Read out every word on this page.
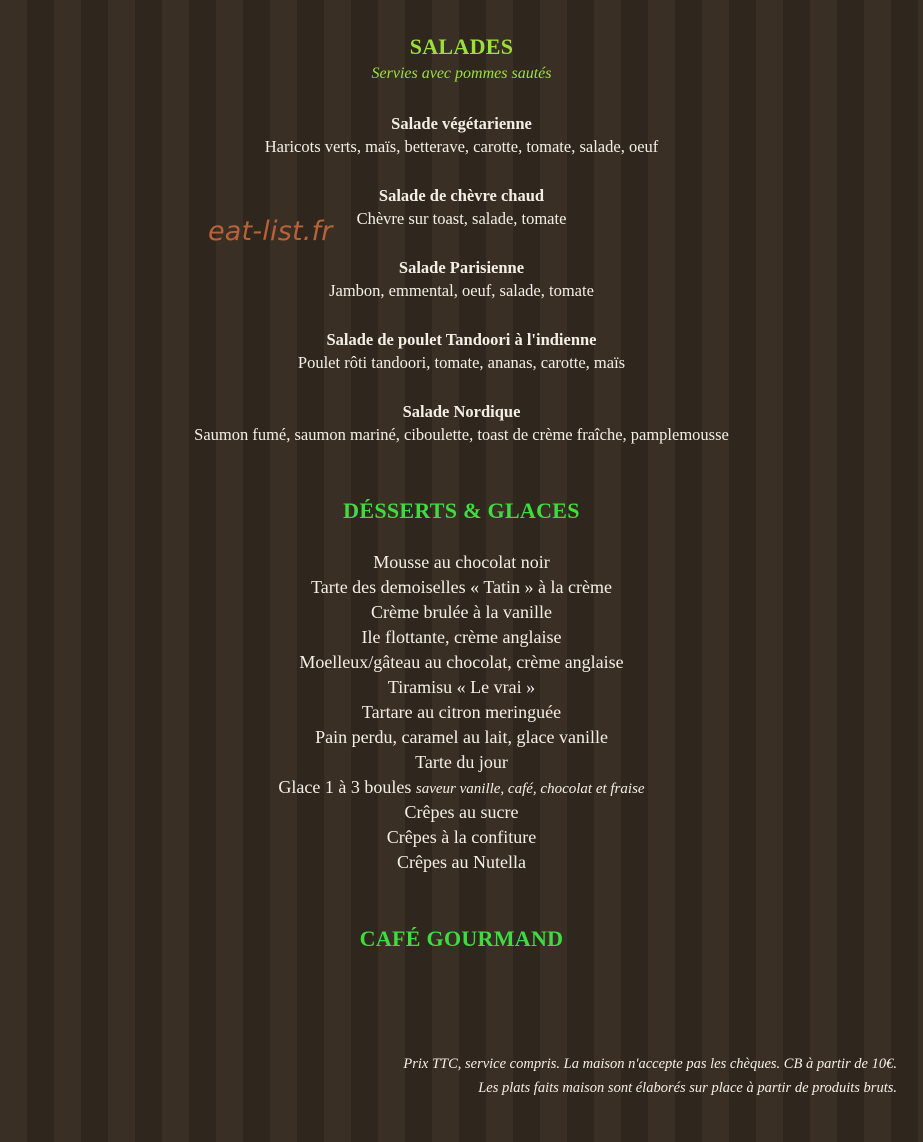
SALADES
Servies avec pommes sautés
Salade végétarienne
Haricots verts, maïs, betterave, carotte, tomate, salade, oeuf
Salade de chèvre chaud
Chèvre sur toast, salade, tomate
Salade Parisienne
Jambon, emmental, oeuf, salade, tomate
Salade de poulet Tandoori à l'indienne
Poulet rôti tandoori, tomate, ananas, carotte, maïs
Salade Nordique
Saumon fumé, saumon mariné, ciboulette, toast de crème fraîche, pamplemousse
DÉSSERTS & GLACES
Mousse au chocolat noir
Tarte des demoiselles « Tatin » à la crème
Crème brulée à la vanille
Ile flottante, crème anglaise
Moelleux/gâteau au chocolat, crème anglaise
Tiramisu « Le vrai »
Tartare au citron meringuée
Pain perdu, caramel au lait, glace vanille
Tarte du jour
Glace 1 à 3 boules saveur vanille, café, chocolat et fraise
Crêpes au sucre
Crêpes à la confiture
Crêpes au Nutella
CAFÉ GOURMAND
eat-list.fr
Prix TTC, service compris. La maison n'accepte pas les chèques. CB à partir de 10€.
Les plats faits maison sont élaborés sur place à partir de produits bruts.
